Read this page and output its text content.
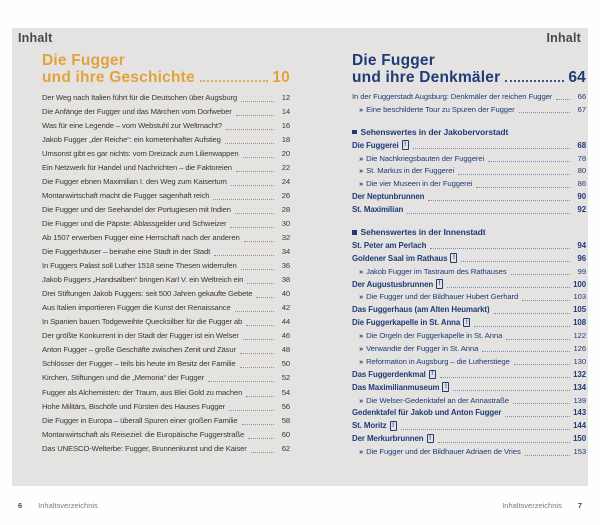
Inhalt	Inhalt
Die Fugger
und ihre Geschichte	10
Der Weg nach Italien führt für die Deutschen über Augsburg	12
Die Anfänge der Fugger und das Märchen vom Dorfweber	14
Was für eine Legende – vom Webstuhl zur Weltmacht?	16
Jakob Fugger „der Reiche“: ein kometenhafter Aufstieg	18
Umsonst gibt es gar nichts: vom Dreizack zum Lilienwappen	20
Ein Netzwerk für Handel und Nachrichten – die Faktoreien	22
Die Fugger ebnen Maximilian I. den Weg zum Kaisertum	24
Montanwirtschaft macht die Fugger sagenhaft reich	26
Die Fugger und der Seehandel der Portugiesen mit Indien	28
Die Fugger und die Päpste: Ablassgelder und Schweizer	30
Ab 1507 erwerben Fugger eine Herrschaft nach der anderen	32
Die Fuggerhäuser – beinahe eine Stadt in der Stadt	34
In Fuggers Palast soll Luther 1518 seine Thesen widerrufen	36
Jakob Fuggers „Handsalben“ bringen Karl V. ein Weltreich ein	38
Drei Stiftungen Jakob Fuggers: seit 500 Jahren gekaufte Gebete	40
Aus Italien importieren Fugger die Kunst der Renaissance	42
In Spanien bauen Todgeweihte Quecksilber für die Fugger ab	44
Der größte Konkurrent in der Stadt der Fugger ist ein Welser	46
Anton Fugger – große Geschäfte zwischen Zenit und Zäsur	48
Schlösser der Fugger – teils bis heute im Besitz der Familie	50
Kirchen, Stiftungen und die „Memoria“ der Fugger	52
Fugger als Alchemisten: der Traum, aus Blei Gold zu machen	54
Hohe Militärs, Bischöfe und Fürsten des Hauses Fugger	56
Die Fugger in Europa – überall Spuren einer großen Familie	58
Montanwirtschaft als Reiseziel: die Europäische Fuggerstraße	60
Das UNESCO-Welterbe: Fugger, Brunnenkunst und die Kaiser	62
Die Fugger
und ihre Denkmäler	64
In der Fuggerstadt Augsburg: Denkmäler der reichen Fugger	66
» Eine beschilderte Tour zu Spuren der Fugger	67
Sehenswertes in der Jakobervorstadt
Die Fuggerei !	68
» Die Nachkriegsbauten der Fuggerei	78
» St. Markus in der Fuggerei	80
» Die vier Museen in der Fuggerei	86
Der Neptunbrunnen	90
St. Maximilian	92
Sehenswertes in der Innenstadt
St. Peter am Perlach	94
Goldener Saal im Rathaus !	96
» Jakob Fugger im Tastraum des Rathauses	99
Der Augustusbrunnen !	100
» Die Fugger und der Bildhauer Hubert Gerhard	103
Das Fuggerhaus (am Alten Heumarkt)	105
Die Fuggerkapelle in St. Anna !	108
» Die Orgeln der Fuggerkapelle in St. Anna	122
» Verwandte der Fugger in St. Anna	126
» Reformation in Augsburg – die Lutherstiege	130
Das Fuggerdenkmal !	132
Das Maximilianmuseum !	134
» Die Welser-Gedenktafel an der Annastraße	139
Gedenktafel für Jakob und Anton Fugger	143
St. Moritz !	144
Der Merkurbrunnen !	150
» Die Fugger und der Bildhauer Adriaen de Vries	153
6 Inhaltsverzeichnis	Inhaltsverzeichnis 7
